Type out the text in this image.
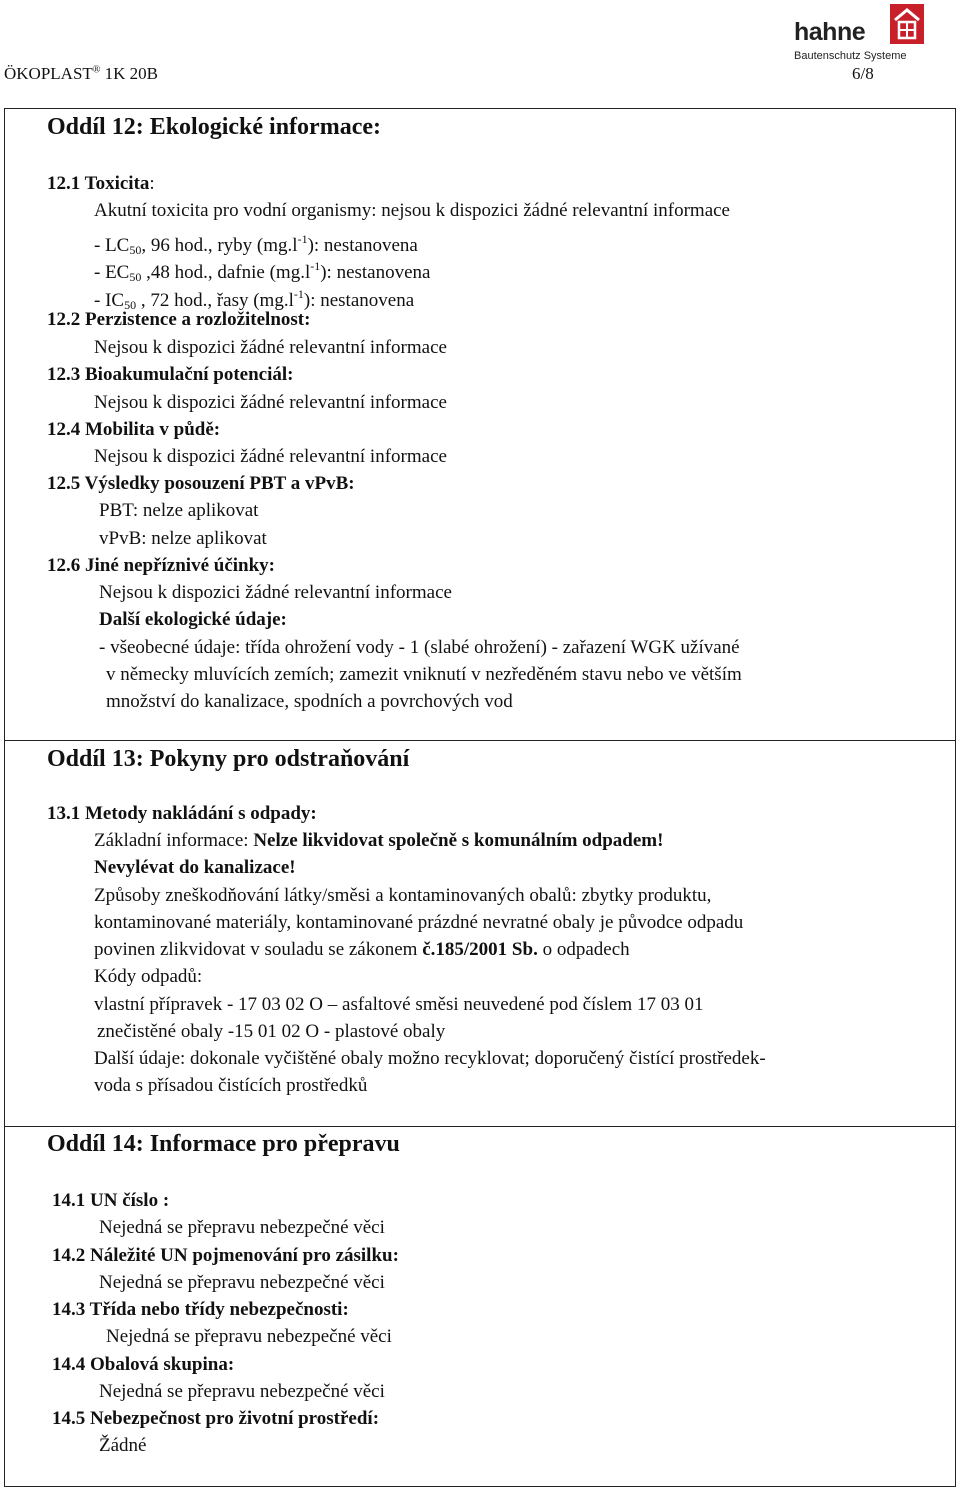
ÖKOPLAST® 1K 20B	6/8
hahne
Bautenschutz Systeme
Oddíl 12: Ekologické informace:
12.1 Toxicita:
Akutní toxicita pro vodní organismy: nejsou k dispozici žádné relevantní informace
- $LC_{50}$, 96 hod., ryby $(mg.l^{-1})$: nestanovena
- $EC_{50}$ ,48 hod., dafnie $(mg.l^{-1})$: nestanovena
- $IC_{50}$ , 72 hod., řasy $(mg.l^{-1})$: nestanovena
12.2 Perzistence a rozložitelnost:
Nejsou k dispozici žádné relevantní informace
12.3 Bioakumulační potenciál:
Nejsou k dispozici žádné relevantní informace
12.4 Mobilita v půdě:
Nejsou k dispozici žádné relevantní informace
12.5 Výsledky posouzení PBT a vPvB:
PBT: nelze aplikovat
vPvB: nelze aplikovat
12.6 Jiné nepříznivé účinky:
Nejsou k dispozici žádné relevantní informace
Další ekologické údaje:
- všeobecné údaje: třída ohrožení vody - 1 (slabé ohrožení) - zařazení WGK užívané
v německy mluvících zemích; zamezit vniknutí v nezředěném stavu nebo ve větším
množství do kanalizace, spodních a povrchových vod
Oddíl 13: Pokyny pro odstraňování
13.1 Metody nakládání s odpady:
Základní informace: Nelze likvidovat společně s komunálním odpadem!
Nevylévat do kanalizace!
Způsoby zneškodňování látky/směsi a kontaminovaných obalů: zbytky produktu,
kontaminované materiály, kontaminované prázdné nevratné obaly je původce odpadu
povinen zlikvidovat v souladu se zákonem č.185/2001 Sb. o odpadech
Kódy odpadů:
vlastní přípravek - 17 03 02 O – asfaltové směsi neuvedené pod číslem 17 03 01
znečistěné obaly -15 01 02 O - plastové obaly
Další údaje: dokonale vyčištěné obaly možno recyklovat; doporučený čistící prostředek-
voda s přísadou čistících prostředků
Oddíl 14: Informace pro přepravu
14.1 UN číslo :
Nejedná se přepravu nebezpečné věci
14.2 Náležité UN pojmenování pro zásilku:
Nejedná se přepravu nebezpečné věci
14.3 Třída nebo třídy nebezpečnosti:
Nejedná se přepravu nebezpečné věci
14.4 Obalová skupina:
Nejedná se přepravu nebezpečné věci
14.5 Nebezpečnost pro životní prostředí:
Žádné
